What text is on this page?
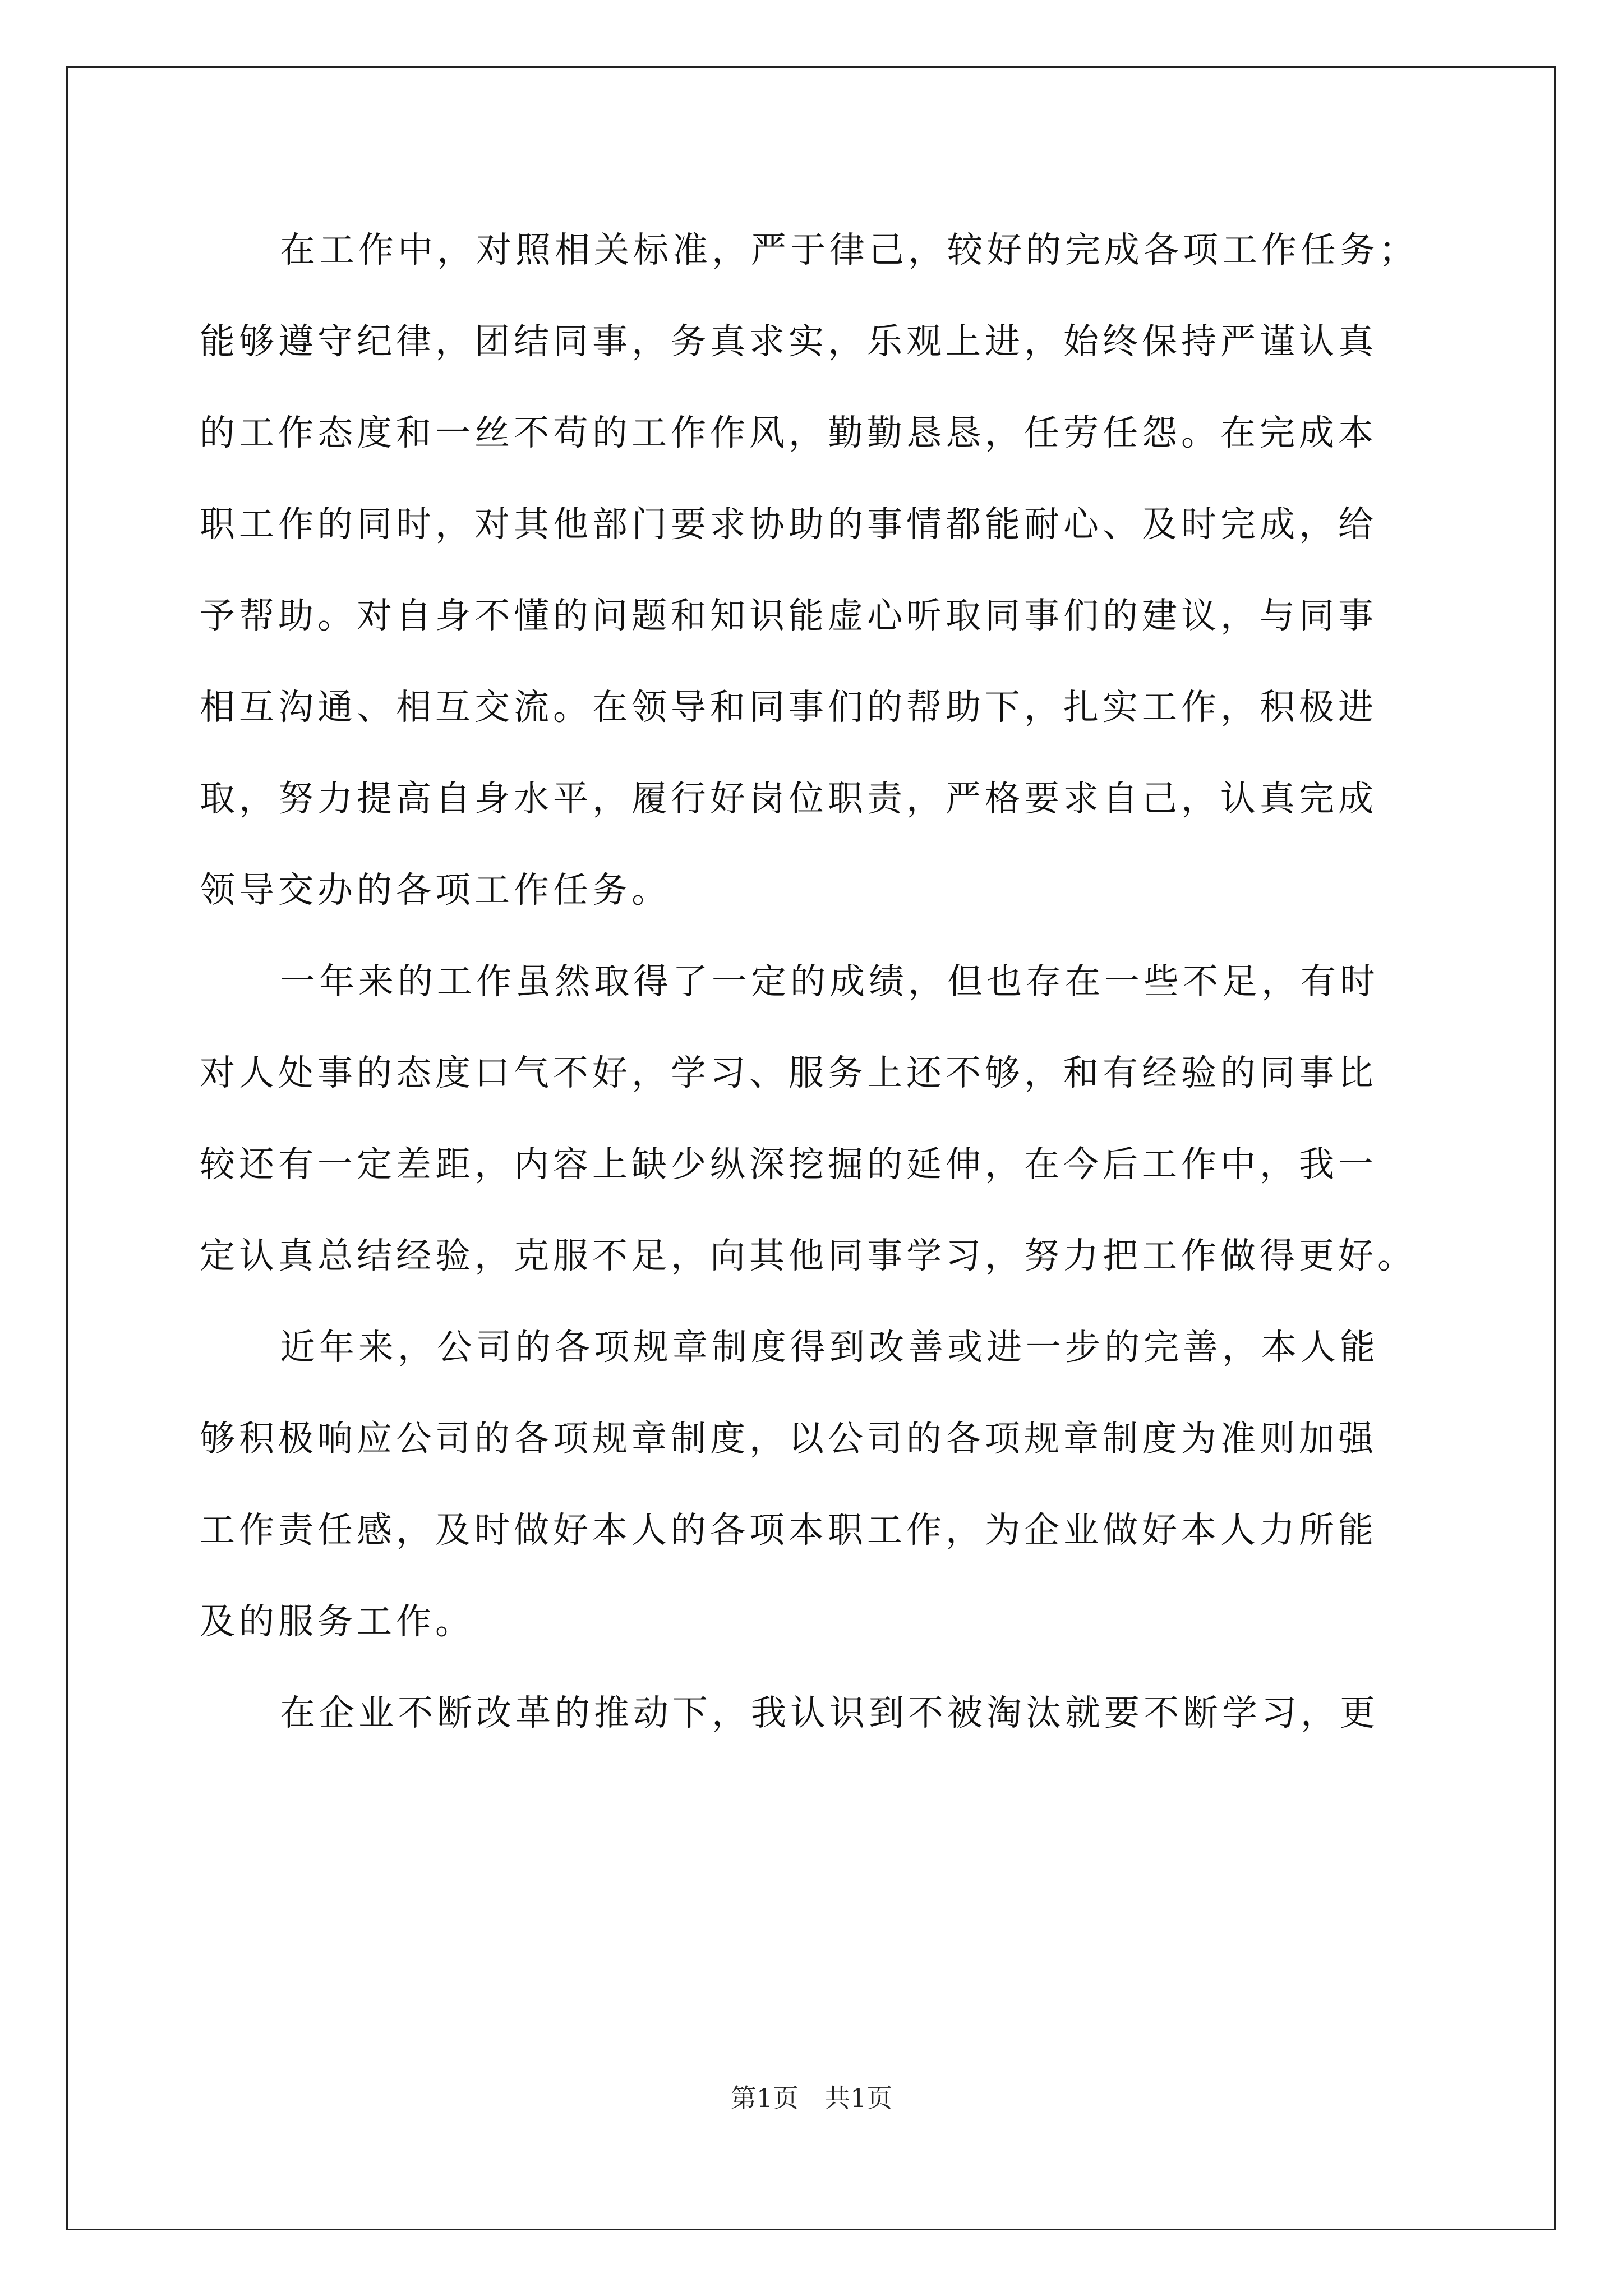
在工作中，对照相关标准，严于律己，较好的完成各项工作任务；
能够遵守纪律，团结同事，务真求实，乐观上进，始终保持严谨认真
的工作态度和一丝不苟的工作作风，勤勤恳恳，任劳任怨。在完成本
职工作的同时，对其他部门要求协助的事情都能耐心、及时完成，给
予帮助。对自身不懂的问题和知识能虚心听取同事们的建议，与同事
相互沟通、相互交流。在领导和同事们的帮助下，扎实工作，积极进
取，努力提高自身水平，履行好岗位职责，严格要求自己，认真完成
领导交办的各项工作任务。
一年来的工作虽然取得了一定的成绩，但也存在一些不足，有时
对人处事的态度口气不好，学习、服务上还不够，和有经验的同事比
较还有一定差距，内容上缺少纵深挖掘的延伸，在今后工作中，我一
定认真总结经验，克服不足，向其他同事学习，努力把工作做得更好。
近年来，公司的各项规章制度得到改善或进一步的完善，本人能
够积极响应公司的各项规章制度，以公司的各项规章制度为准则加强
工作责任感，及时做好本人的各项本职工作，为企业做好本人力所能
及的服务工作。
在企业不断改革的推动下，我认识到不被淘汰就要不断学习，更
第1页　共1页
